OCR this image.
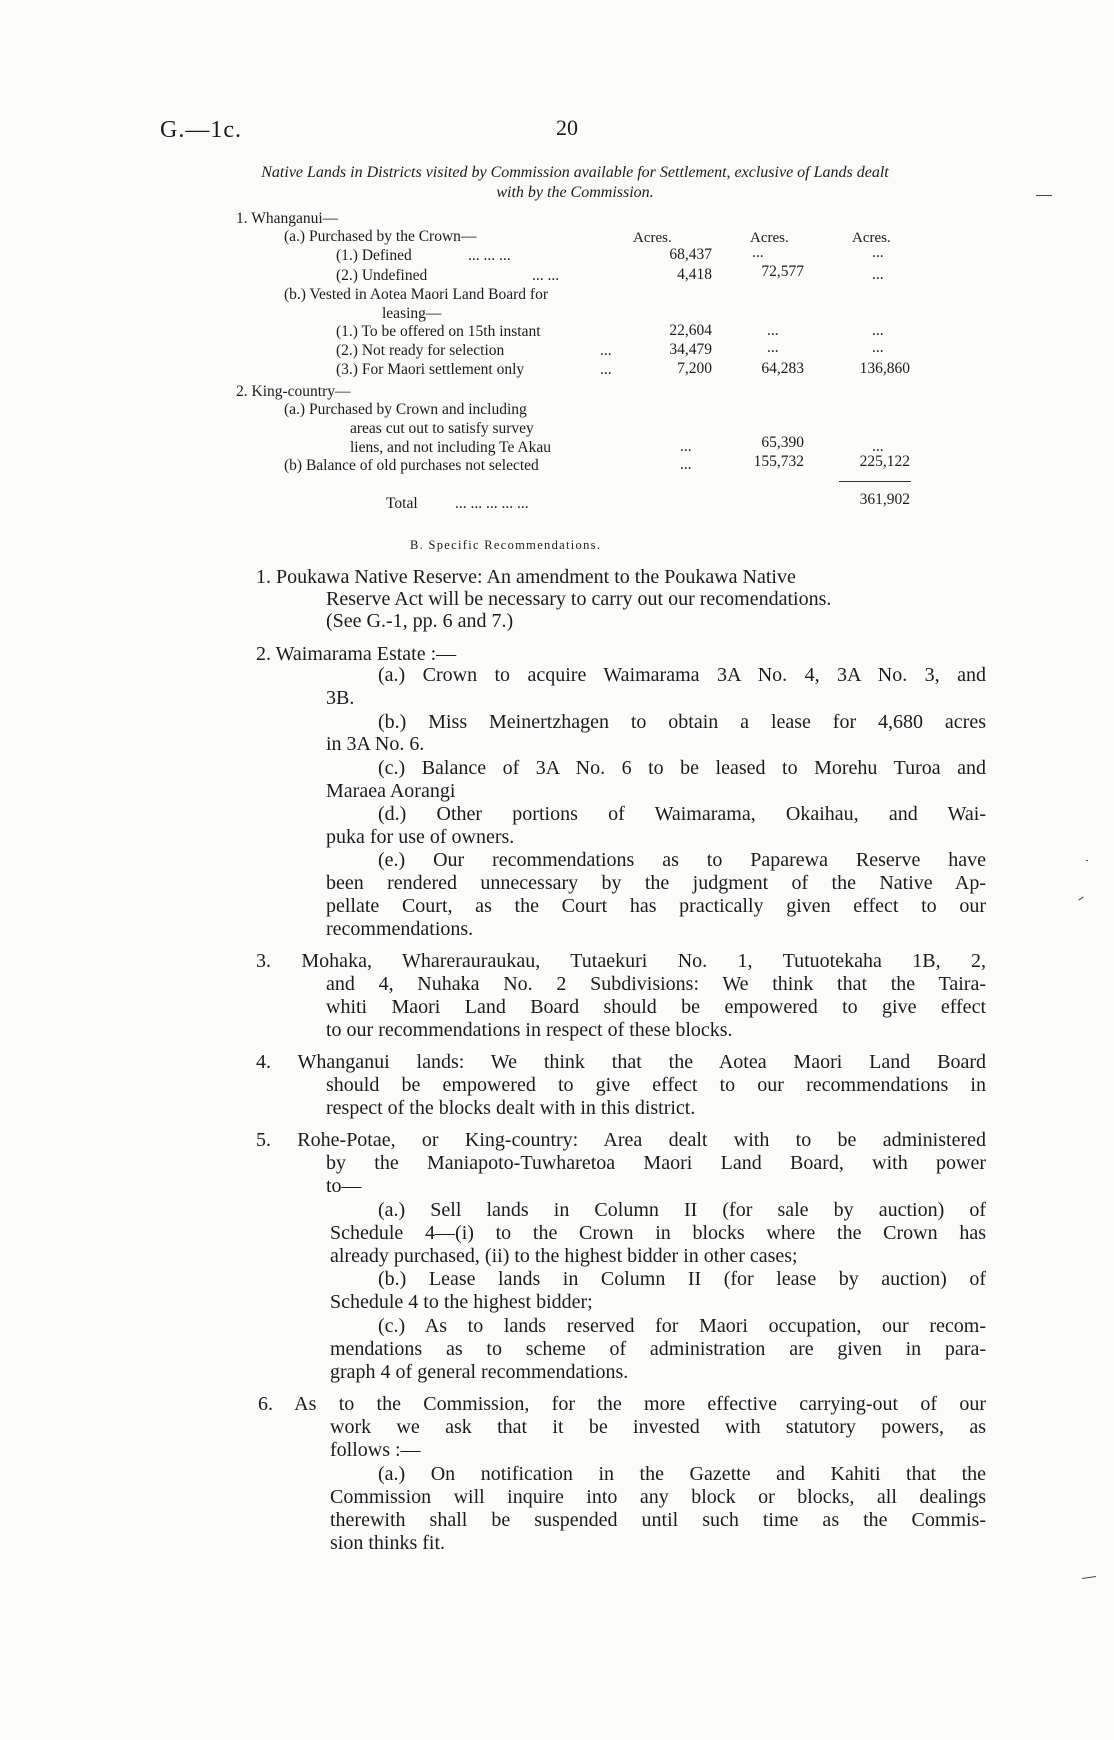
G.—1c.	20
Native Lands in Districts visited by Commission available for Settlement, exclusive of Lands dealt
with by the Commission.
1. Whanganui—
Acres.	Acres.	Acres.
(a.) Purchased by the Crown—
(1.) Defined	... ... ...	68,437	...	...
(2.) Undefined	... ...	4,418	72,577	...
(b.) Vested in Aotea Maori Land Board for
leasing—
(1.) To be offered on 15th instant	22,604	...	...
(2.) Not ready for selection	...	34,479	...	...
(3.) For Maori settlement only	...	7,200	64,283	136,860
2. King-country—
(a.) Purchased by Crown and including
areas cut out to satisfy survey
liens, and not including Te Akau	...	65,390	...
(b) Balance of old purchases not selected	...	155,732	225,122
Total ... ... ... ... ...	361,902
B. Specific Recommendations.
1. Poukawa Native Reserve: An amendment to the Poukawa Native
Reserve Act will be necessary to carry out our recomendations.
(See G.-1, pp. 6 and 7.)
2. Waimarama Estate :—
(a.) Crown to acquire Waimarama 3A No. 4, 3A No. 3, and
3B.
(b.) Miss Meinertzhagen to obtain a lease for 4,680 acres
in 3A No. 6.
(c.) Balance of 3A No. 6 to be leased to Morehu Turoa and
Maraea Aorangi
(d.) Other portions of Waimarama, Okaihau, and Wai-
puka for use of owners.
(e.) Our recommendations as to Paparewa Reserve have
been rendered unnecessary by the judgment of the Native Ap-
pellate Court, as the Court has practically given effect to our
recommendations.
3. Mohaka, Wharerauraukau, Tutaekuri No. 1, Tutuotekaha 1B, 2,
and 4, Nuhaka No. 2 Subdivisions: We think that the Taira-
whiti Maori Land Board should be empowered to give effect
to our recommendations in respect of these blocks.
4. Whanganui lands: We think that the Aotea Maori Land Board
should be empowered to give effect to our recommendations in
respect of the blocks dealt with in this district.
5. Rohe-Potae, or King-country: Area dealt with to be administered
by the Maniapoto-Tuwharetoa Maori Land Board, with power
to—
(a.) Sell lands in Column II (for sale by auction) of
Schedule 4—(i) to the Crown in blocks where the Crown has
already purchased, (ii) to the highest bidder in other cases;
(b.) Lease lands in Column II (for lease by auction) of
Schedule 4 to the highest bidder;
(c.) As to lands reserved for Maori occupation, our recom-
mendations as to scheme of administration are given in para-
graph 4 of general recommendations.
6. As to the Commission, for the more effective carrying-out of our
work we ask that it be invested with statutory powers, as
follows :—
(a.) On notification in the Gazette and Kahiti that the
Commission will inquire into any block or blocks, all dealings
therewith shall be suspended until such time as the Commis-
sion thinks fit.
